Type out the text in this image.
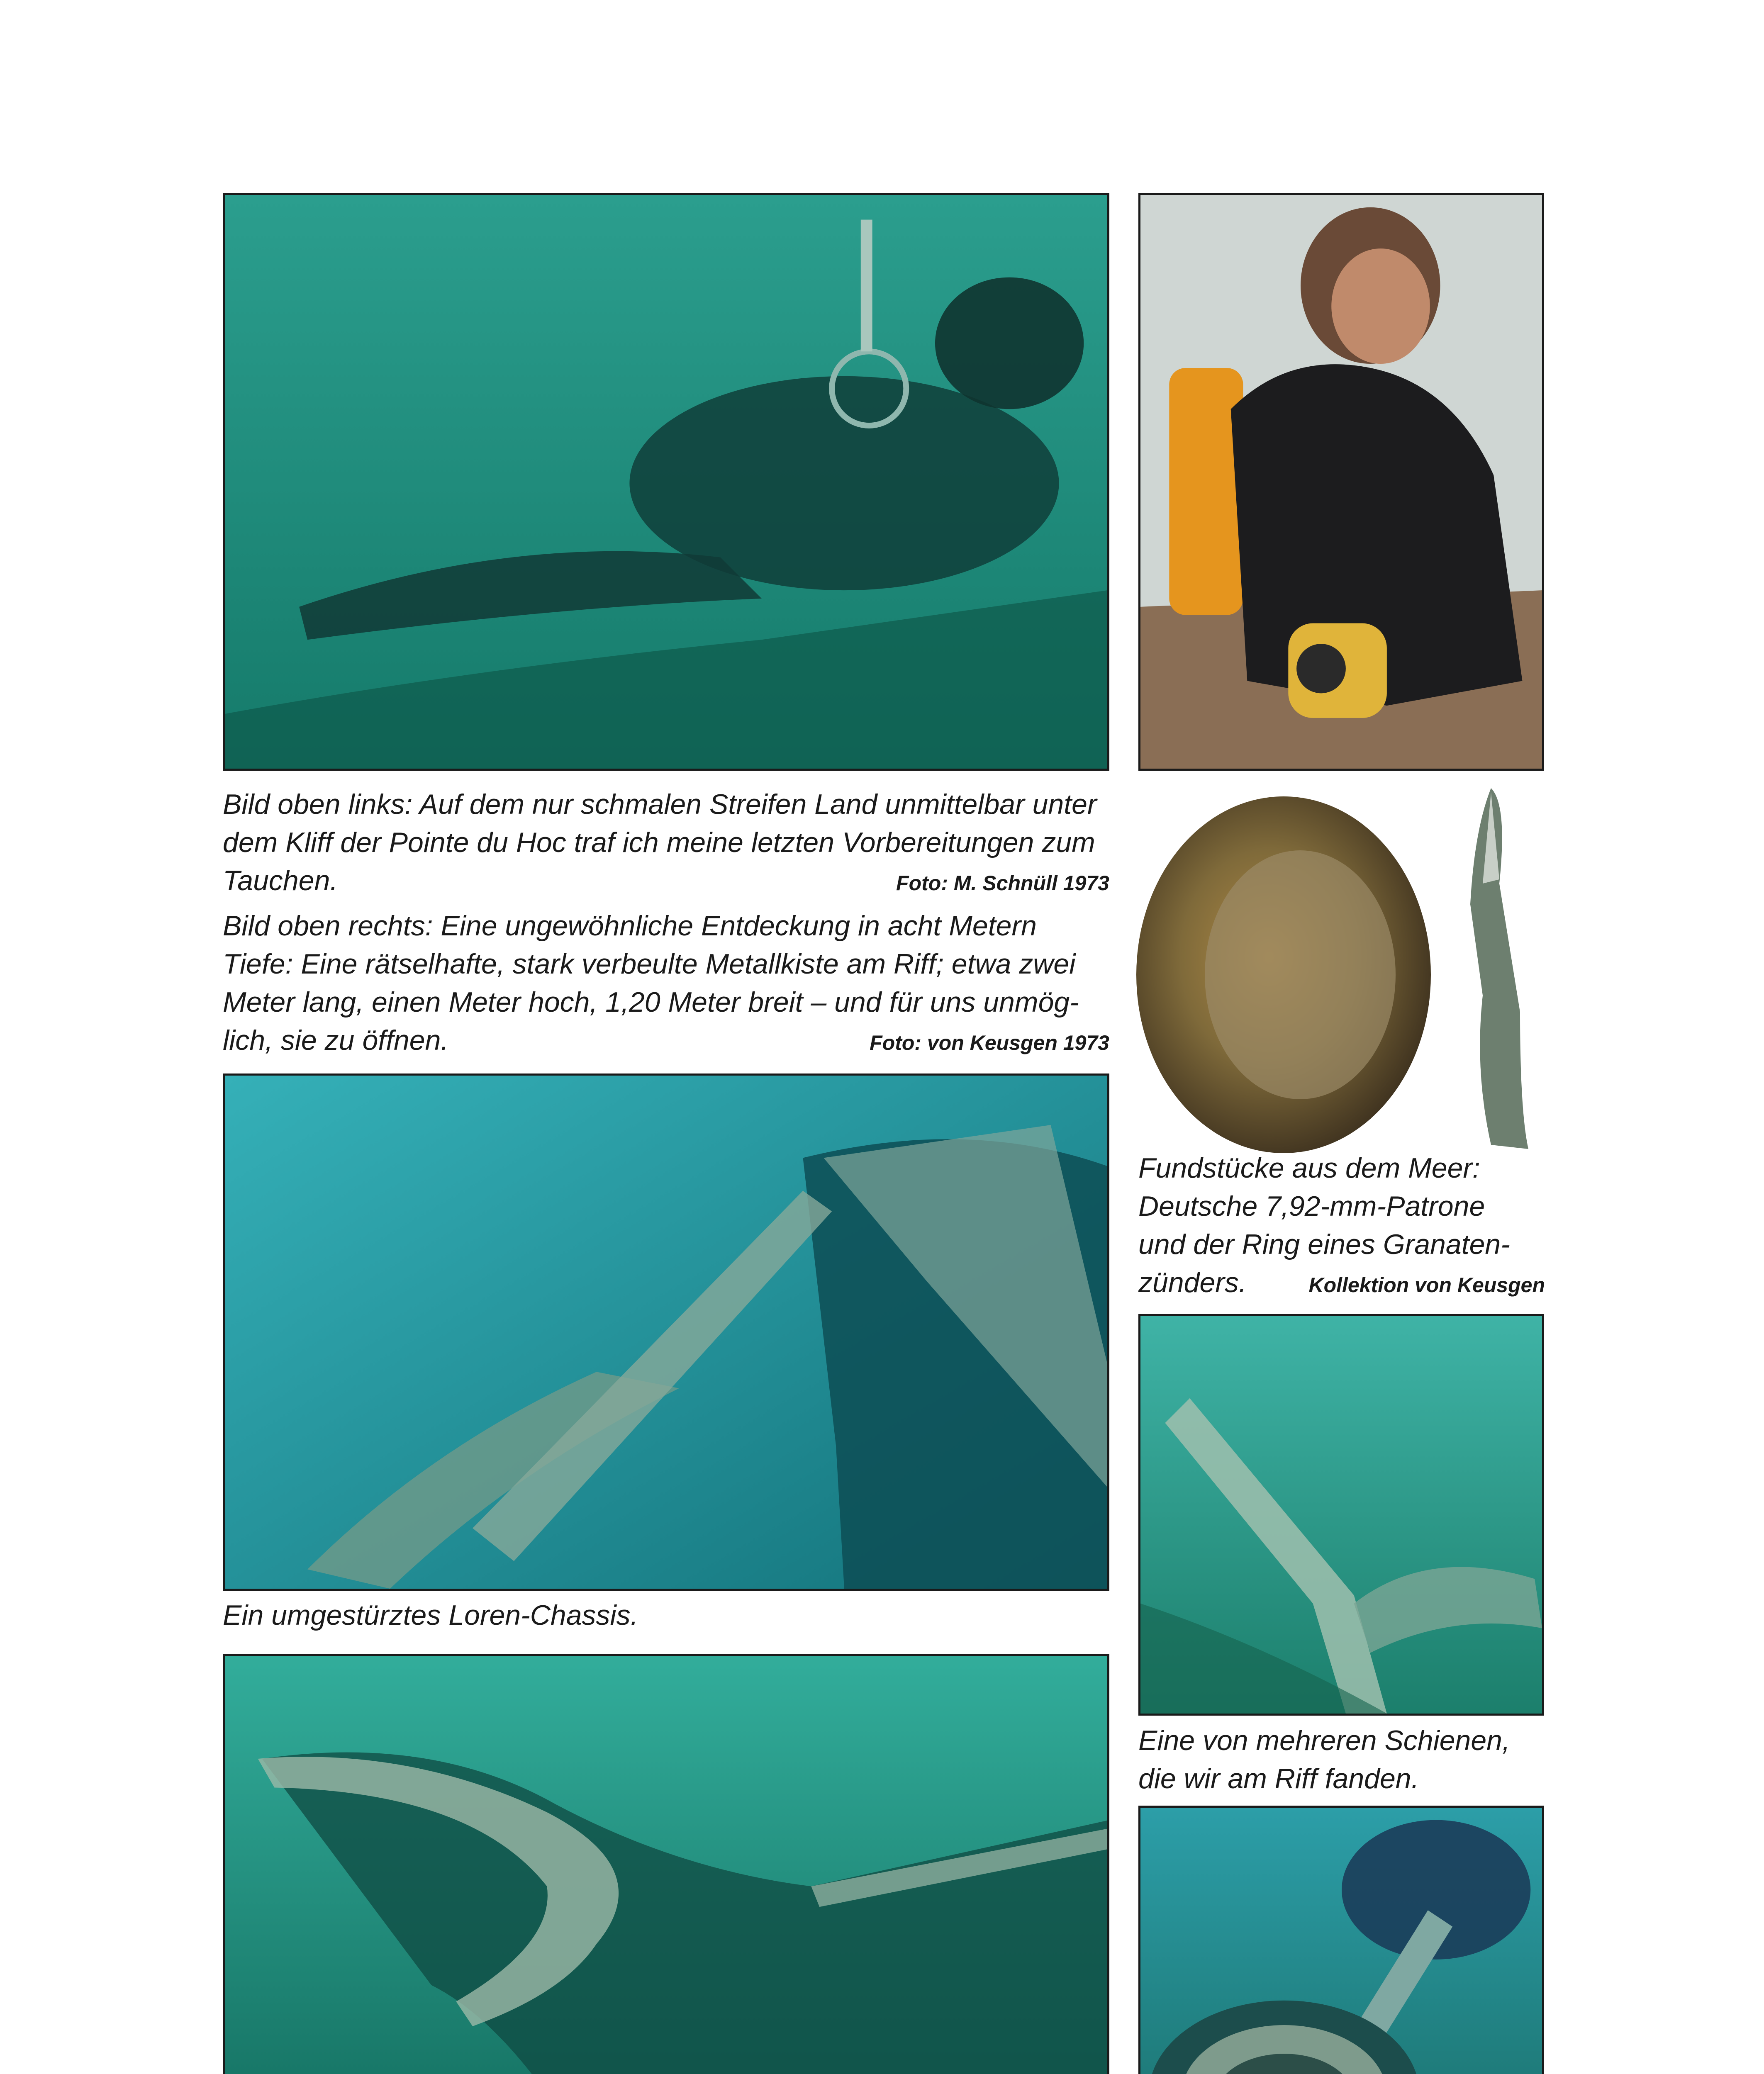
Bild oben links: Auf dem nur schmalen Streifen Land unmittelbar unter
dem Kliff der Pointe du Hoc traf ich meine letzten Vorbereitungen zum
Tauchen.	Foto: M. Schnüll 1973
Bild oben rechts: Eine ungewöhnliche Entdeckung in acht Metern
Tiefe: Eine rätselhafte, stark verbeulte Metallkiste am Riff; etwa zwei
Meter lang, einen Meter hoch, 1,20 Meter breit – und für uns unmög-
lich, sie zu öffnen.	Foto: von Keusgen 1973
Fundstücke aus dem Meer:
Deutsche 7,92-mm-Patrone
und der Ring eines Granaten-
zünders.	Kollektion von Keusgen
Ein umgestürztes Loren-Chassis.
Eine von mehreren Schienen,
die wir am Riff fanden.
